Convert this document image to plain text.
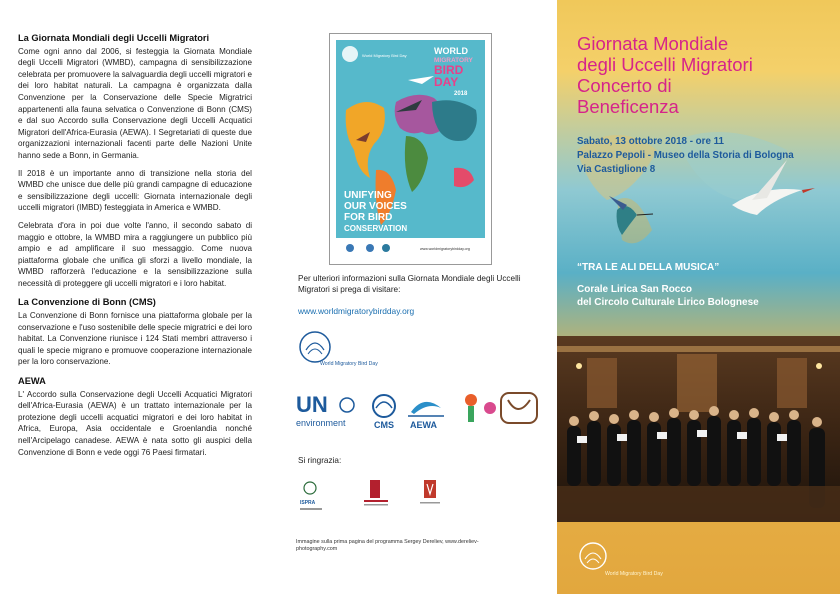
La Giornata Mondiali degli Uccelli Migratori

Come ogni anno dal 2006, si festeggia la Giornata Mondiale degli Uccelli Migratori (WMBD), campagna di sensibilizzazione celebrata per promuovere la salvaguardia degli uccelli migratori e dei loro habitat naturali. La campagna è organizzata dalla Convenzione per la Conservazione delle Specie Migratrici appartenenti alla fauna selvatica o Convenzione di Bonn (CMS) e dal suo Accordo sulla Conservazione degli Uccelli Acquatici Migratori dell'Africa-Eurasia (AEWA). I Segretariati di queste due organizzazioni internazionali facenti parte delle Nazioni Unite hanno sede a Bonn, in Germania.

Il 2018 è un importante anno di transizione nella storia del WMBD che unisce due delle più grandi campagne di educazione e sensibilizzazione degli uccelli: Giornata internazionale degli uccelli migratori (IMBD) festeggiata in America e WMBD.

Celebrata d'ora in poi due volte l'anno, il secondo sabato di maggio e ottobre, la WMBD mira a raggiungere un pubblico più ampio e ad amplificare il suo messaggio. Come nuova piattaforma globale che unifica gli sforzi a livello mondiale, la WMBD rafforzerà l'educazione e la sensibilizzazione sulla necessità di proteggere gli uccelli migratori e i loro habitat.

La Convenzione di Bonn (CMS)

La Convenzione di Bonn fornisce una piattaforma globale per la conservazione e l'uso sostenibile delle specie migratrici e dei loro habitat. La Convenzione riunisce i 124 Stati membri attraverso i quali le specie migrano e promuove cooperazione internazionale per la loro conservazione.

AEWA

L' Accordo sulla Conservazione degli Uccelli Acquatici Migratori dell'Africa-Eurasia (AEWA) è un trattato internazionale per la protezione degli uccelli acquatici migratori e dei loro habitat in Africa, Europa, Asia occidentale e Groenlandia nonché nell'Arcipelago canadese. AEWA è nata sotto gli auspici della Convenzione di Bonn e vede oggi 76 Paesi firmatari.

World Migratory Bird Day	WORLD
MIGRATORY
BIRD
DAY
2018
UNIFYING
OUR VOICES
FOR BIRD
CONSERVATION
www.worldmigratorybirdday.org
Per ulteriori informazioni sulla Giornata Mondiale degli Uccelli Migratori si prega di visitare:
www.worldmigratorybirdday.org
World Migratory Bird Day
UN
environment	CMS AEWA
Si ringrazia:
ISPRA
Immagine sulla prima pagina del programma Sergey Dereliev, www.dereliev-photography.com
Giornata Mondiale
degli Uccelli Migratori
Concerto di
Beneficenza
Sabato, 13 ottobre 2018 - ore 11
Palazzo Pepoli - Museo della Storia di Bologna
Via Castiglione 8
“TRA LE ALI DELLA MUSICA”
Corale Lirica San Rocco
del Circolo Culturale Lirico Bolognese
World Migratory Bird Day
